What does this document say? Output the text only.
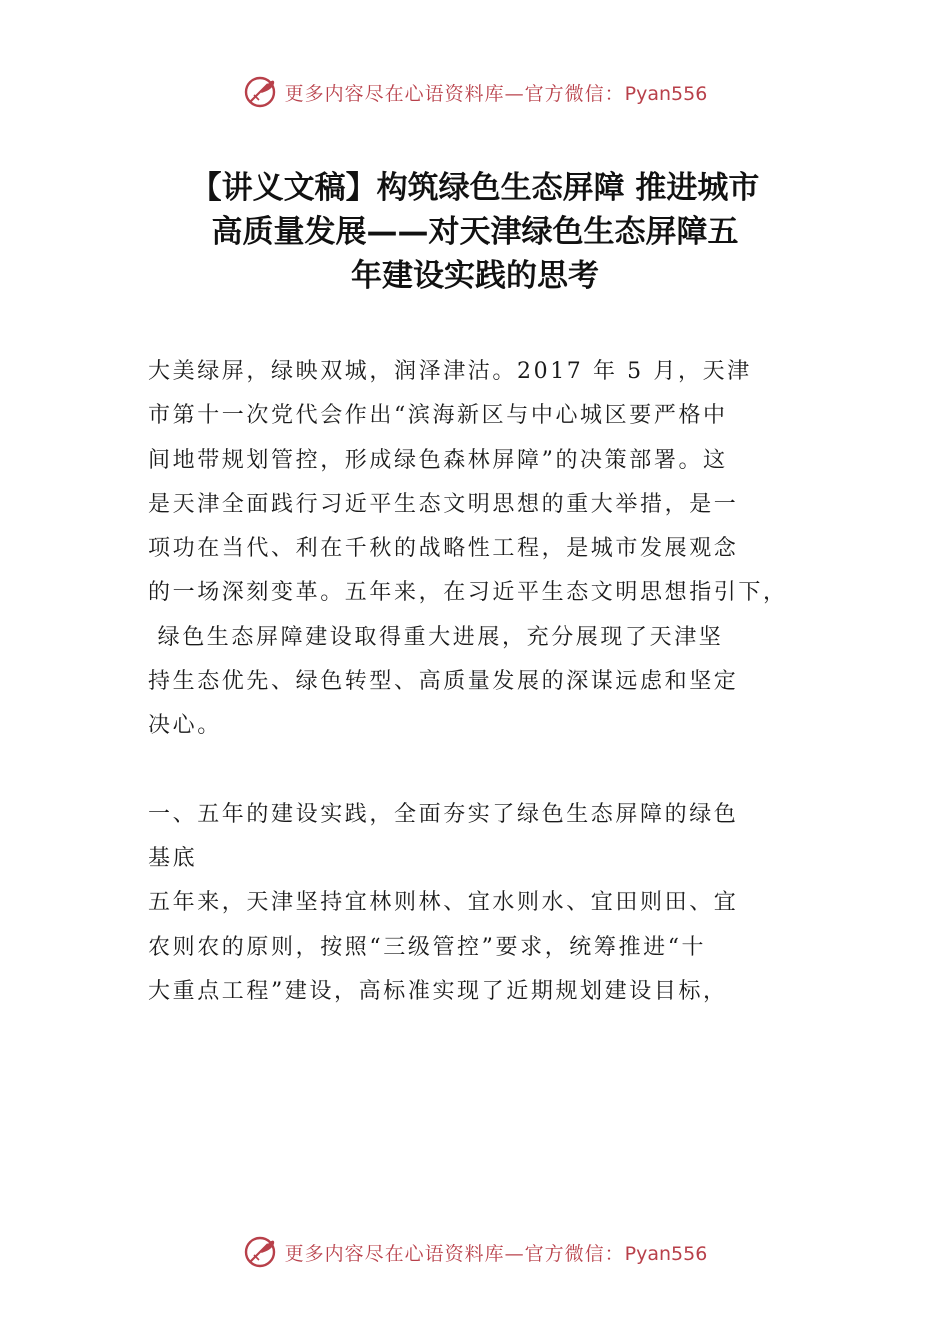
更多内容尽在心语资料库—官方微信：Pyan556
【讲义文稿】构筑绿色生态屏障 推进城市
高质量发展——对天津绿色生态屏障五
年建设实践的思考

大美绿屏，绿映双城，润泽津沽。2017 年 5 月，天津
市第十一次党代会作出“滨海新区与中心城区要严格中
间地带规划管控，形成绿色森林屏障”的决策部署。这
是天津全面践行习近平生态文明思想的重大举措，是一
项功在当代、利在千秋的战略性工程，是城市发展观念
的一场深刻变革。五年来，在习近平生态文明思想指引下，
绿色生态屏障建设取得重大进展，充分展现了天津坚
持生态优先、绿色转型、高质量发展的深谋远虑和坚定
决心。

一、五年的建设实践，全面夯实了绿色生态屏障的绿色
基底

五年来，天津坚持宜林则林、宜水则水、宜田则田、宜
农则农的原则，按照“三级管控”要求，统筹推进“十
大重点工程”建设，高标准实现了近期规划建设目标，

更多内容尽在心语资料库—官方微信：Pyan556
